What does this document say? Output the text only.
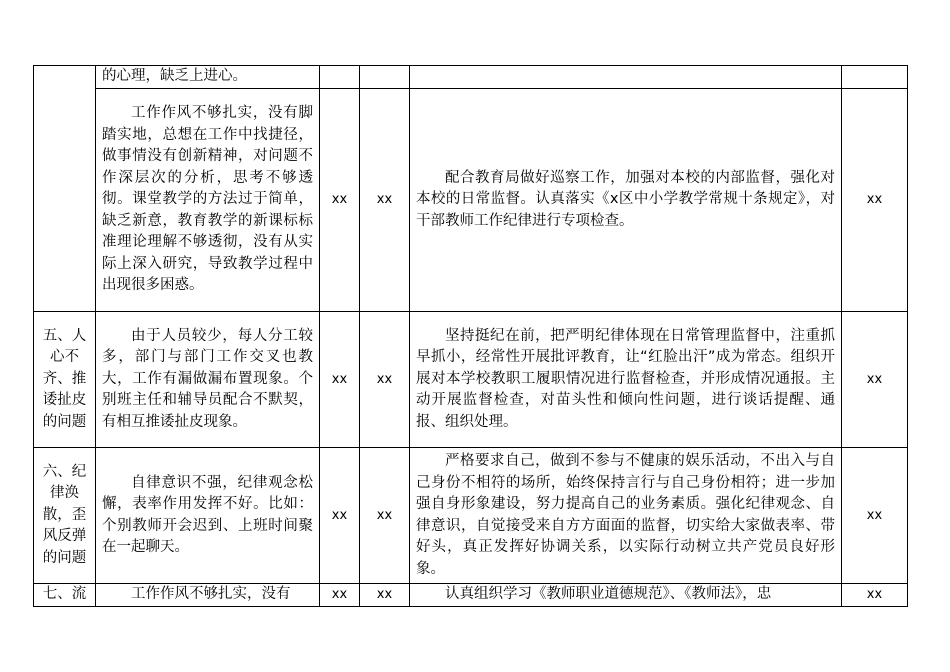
	的心理，缺乏上进心。				
	工作作风不够扎实，没有脚踏实地，总想在工作中找捷径，做事情没有创新精神，对问题不作深层次的分析，思考不够透彻。课堂教学的方法过于简单，缺乏新意，教育教学的新课标标准理论理解不够透彻，没有从实际上深入研究，导致教学过程中出现很多困惑。	xx	xx	配合教育局做好巡察工作，加强对本校的内部监督，强化对本校的日常监督。认真落实《x区中小学教学常规十条规定》，对干部教师工作纪律进行专项检查。	xx
五、人心不齐、推诿扯皮的问题	由于人员较少，每人分工较多，部门与部门工作交叉也教大，工作有漏做漏布置现象。个别班主任和辅导员配合不默契，有相互推诿扯皮现象。	xx	xx	坚持挺纪在前，把严明纪律体现在日常管理监督中，注重抓早抓小，经常性开展批评教育，让“红脸出汗”成为常态。组织开展对本学校教职工履职情况进行监督检查，并形成情况通报。主动开展监督检查，对苗头性和倾向性问题，进行谈话提醒、通报、组织处理。	xx
六、纪律涣散，歪风反弹的问题	自律意识不强，纪律观念松懈，表率作用发挥不好。比如：个别教师开会迟到、上班时间聚在一起聊天。	xx	xx	严格要求自己，做到不参与不健康的娱乐活动，不出入与自己身份不相符的场所，始终保持言行与自己身份相符；进一步加强自身形象建设，努力提高自己的业务素质。强化纪律观念、自律意识，自觉接受来自方方面面的监督，切实给大家做表率、带好头，真正发挥好协调关系，以实际行动树立共产党员良好形象。	xx
七、流	工作作风不够扎实，没有	xx	xx	认真组织学习《教师职业道德规范》、《教师法》，忠	xx
